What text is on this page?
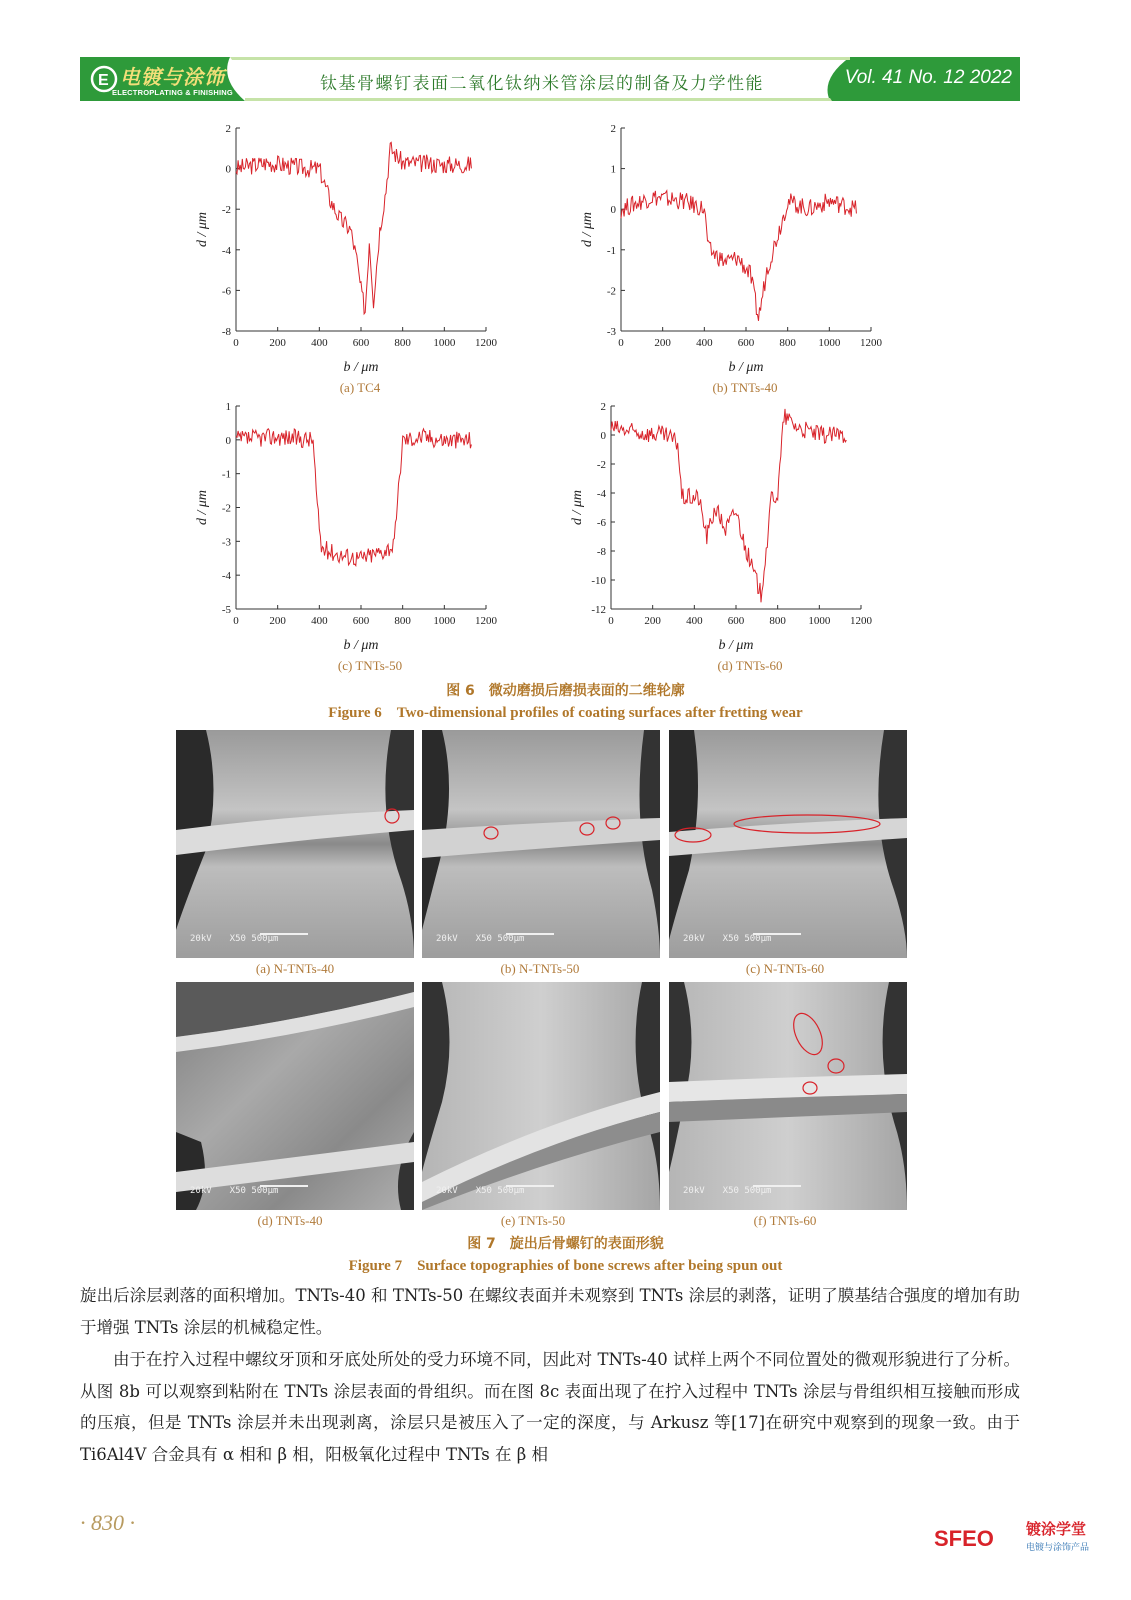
E 电镀与涂饰
ELECTROPLATING & FINISHING	钛基骨螺钉表面二氧化钛纳米管涂层的制备及力学性能	Vol. 41 No. 12 2022
0	200 400 600 800 1000 1200
2
0
-2
-4
-6
-8
b / μm
d / μm
(a) TC4
0	200 400 600 800 1000 1200
2
1
0
-1
-2
-3
b / μm
d / μm
(b) TNTs-40
0	200 400 600 800 1000 1200
1
0
-1
-2
-3
-4
-5
b / μm
d / μm
(c) TNTs-50
0	200 400 600 800 1000 1200
2
0
-2
-4
-6
-8
-10
-12
b / μm
d / μm
(d) TNTs-60
图 6　微动磨损后磨损表面的二维轮廓
Figure 6　Two-dimensional profiles of coating surfaces after fretting wear
20kV　　X50 500μm
(a) N-TNTs-40
20kV　　X50 500μm
(b) N-TNTs-50
20kV　　X50 500μm
(c) N-TNTs-60
20kV　　X50 500μm
(d) TNTs-40
20kV　　X50 500μm
(e) TNTs-50
20kV　　X50 500μm
(f) TNTs-60
图 7　旋出后骨螺钉的表面形貌
Figure 7　Surface topographies of bone screws after being spun out
旋出后涂层剥落的面积增加。TNTs-40 和 TNTs-50 在螺纹表面并未观察到 TNTs 涂层的剥落，证明了膜基结合强度的增加有助于增强 TNTs 涂层的机械稳定性。
由于在拧入过程中螺纹牙顶和牙底处所处的受力环境不同，因此对 TNTs-40 试样上两个不同位置处的微观形貌进行了分析。从图 8b 可以观察到粘附在 TNTs 涂层表面的骨组织。而在图 8c 表面出现了在拧入过程中 TNTs 涂层与骨组织相互接触而形成的压痕，但是 TNTs 涂层并未出现剥离，涂层只是被压入了一定的深度，与 Arkusz 等[17]在研究中观察到的现象一致。由于 Ti6Al4V 合金具有 α 相和 β 相，阳极氧化过程中 TNTs 在 β 相
· 830 ·
SFEO 镀涂学堂
电镀与涂饰产品
